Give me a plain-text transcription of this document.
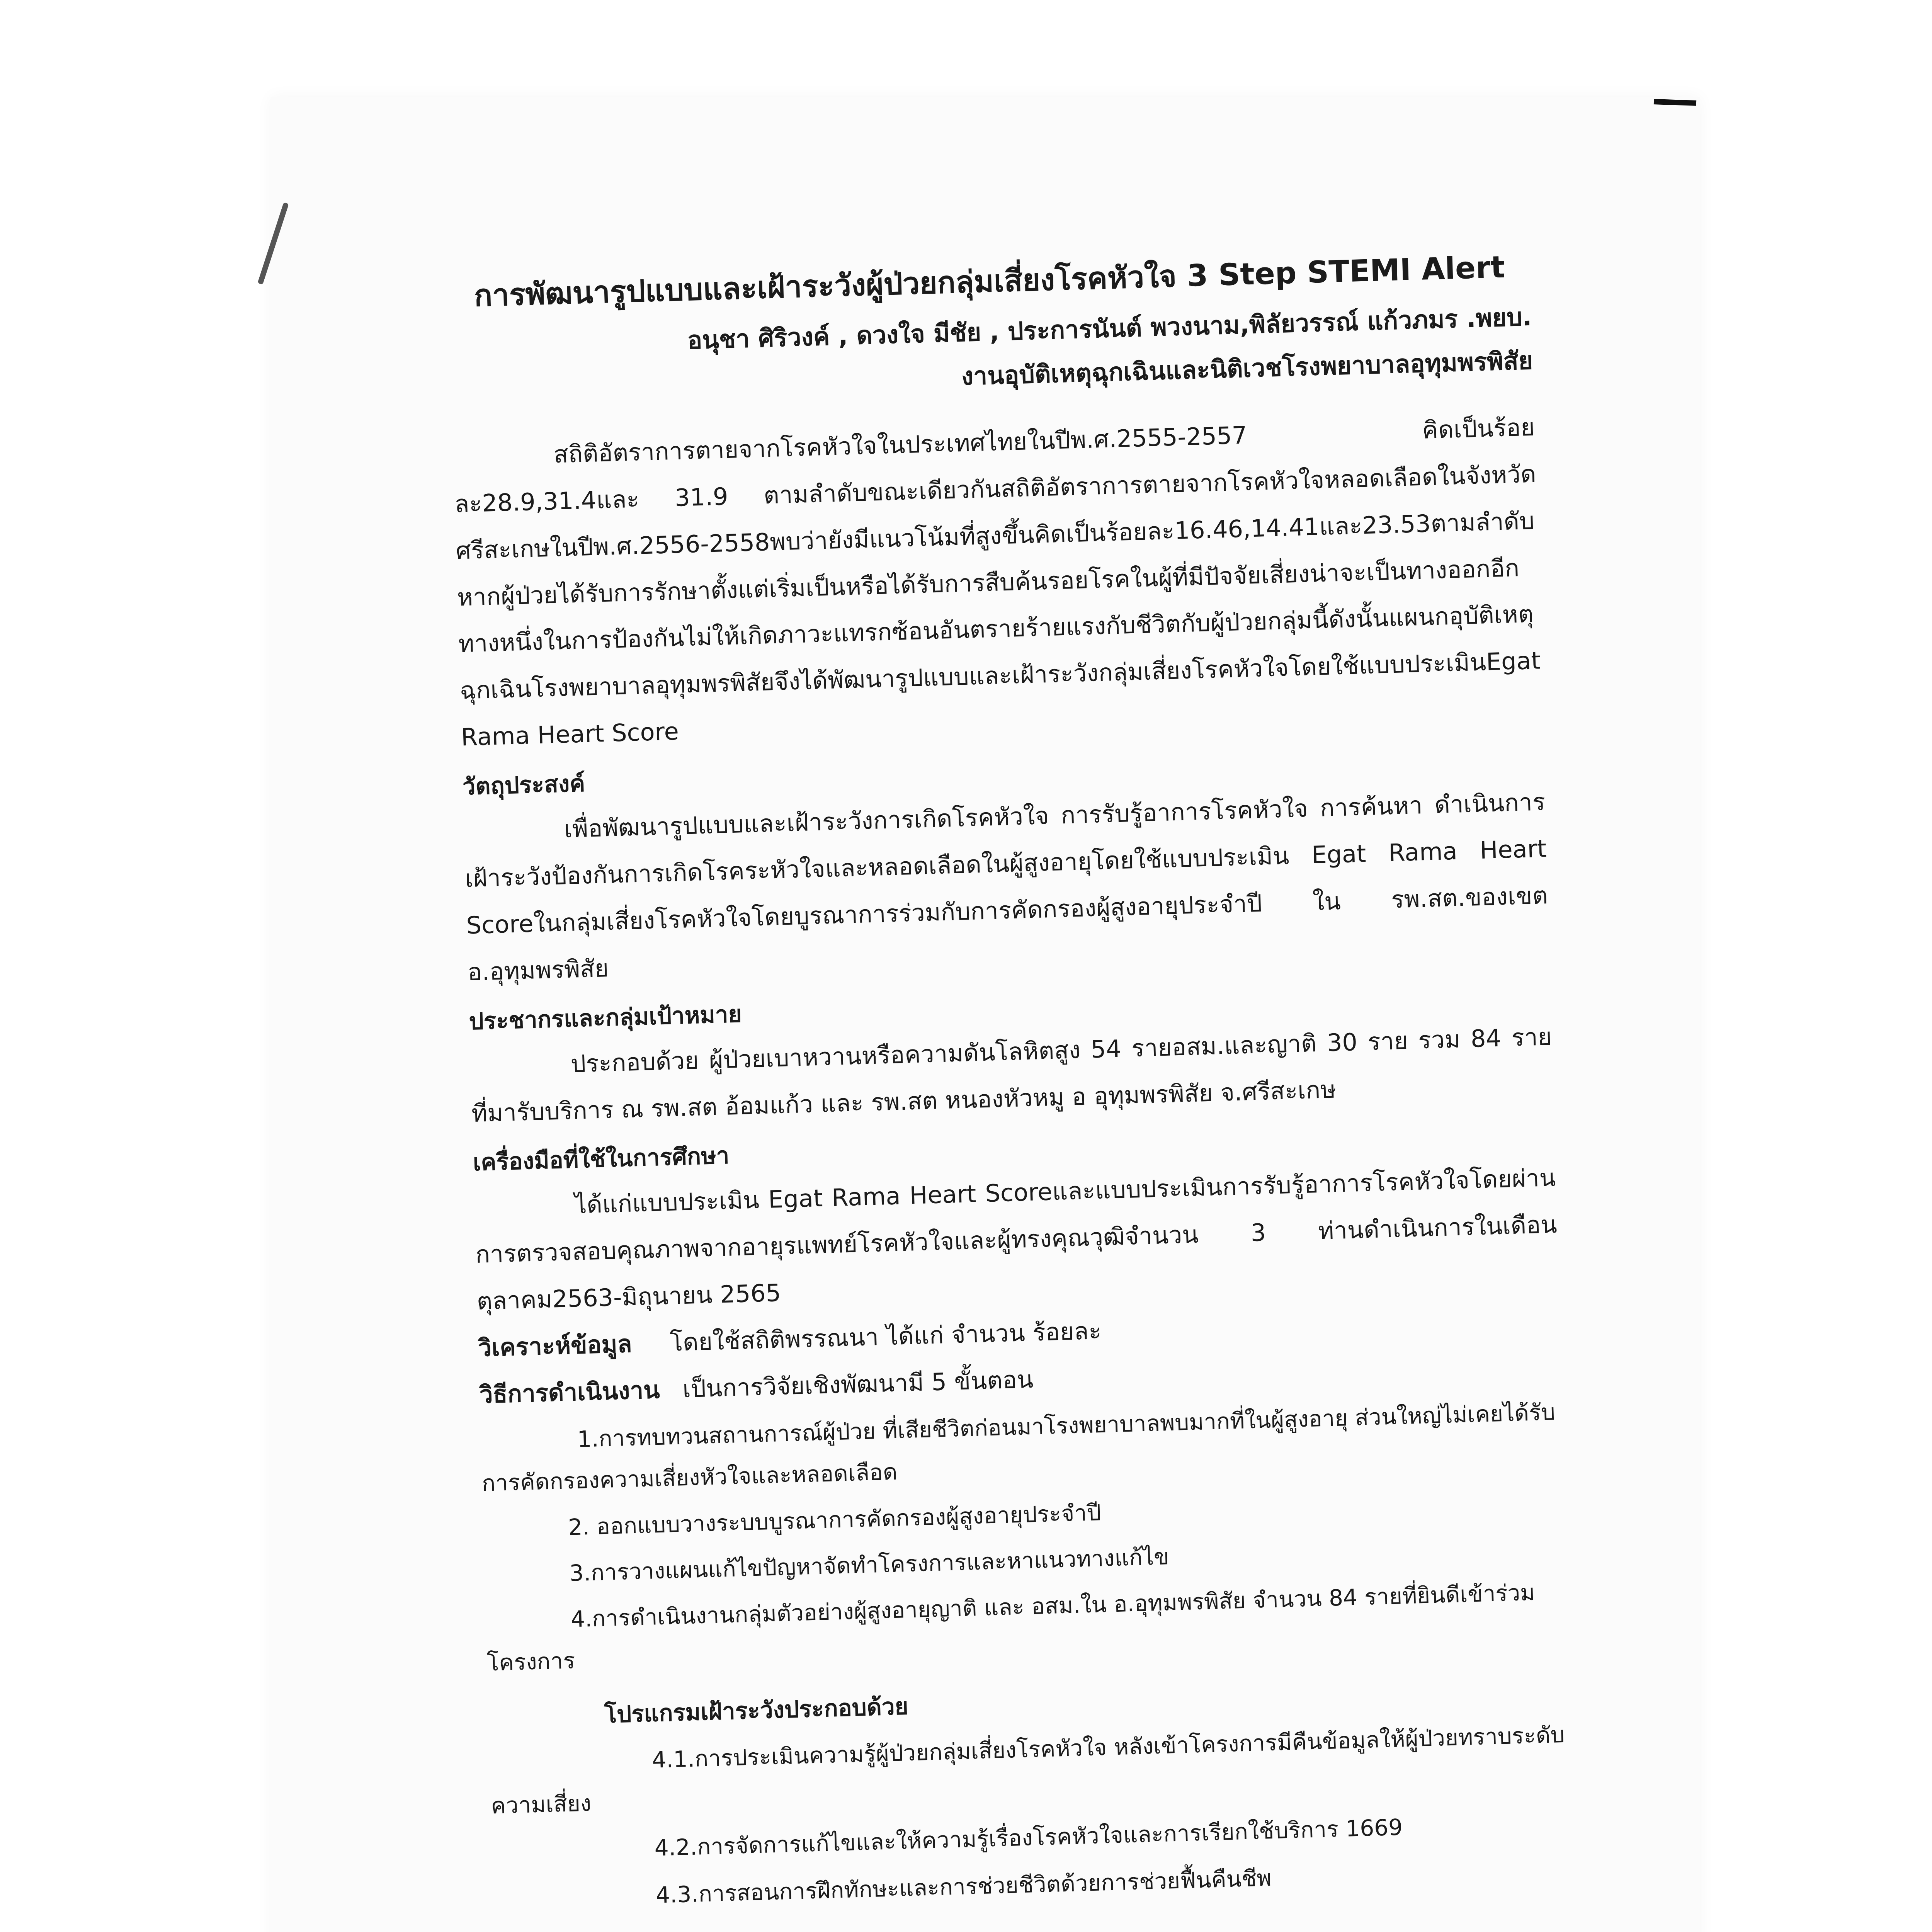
การพัฒนารูปแบบและเฝ้าระวังผู้ป่วยกลุ่มเสี่ยงโรคหัวใจ 3 Step STEMI Alert

อนุชา ศิริวงค์ , ดวงใจ มีชัย , ประการนันต์ พวงนาม,พิลัยวรรณ์ แก้วภมร .พยบ.

งานอุบัติเหตุฉุกเฉินและนิติเวชโรงพยาบาลอุทุมพรพิสัย

สถิติอัตราการตายจากโรคหัวใจในประเทศไทยในปีพ.ศ.2555-2557 คิดเป็นร้อยละ28.9,31.4และ 31.9 ตามลำดับขณะเดียวกันสถิติอัตราการตายจากโรคหัวใจหลอดเลือดในจังหวัดศรีสะเกษในปีพ.ศ.2556-2558พบว่ายังมีแนวโน้มที่สูงขึ้นคิดเป็นร้อยละ16.46,14.41และ23.53ตามลำดับ หากผู้ป่วยได้รับการรักษาตั้งแต่เริ่มเป็นหรือได้รับการสืบค้นรอยโรคในผู้ที่มีปัจจัยเสี่ยงน่าจะเป็นทางออกอีกทางหนึ่งในการป้องกันไม่ให้เกิดภาวะแทรกซ้อนอันตรายร้ายแรงกับชีวิตกับผู้ป่วยกลุ่มนี้ดังนั้นแผนกอุบัติเหตุฉุกเฉินโรงพยาบาลอุทุมพรพิสัยจึงได้พัฒนารูปแบบและเฝ้าระวังกลุ่มเสี่ยงโรคหัวใจโดยใช้แบบประเมินEgat Rama Heart Score

วัตถุประสงค์

เพื่อพัฒนารูปแบบและเฝ้าระวังการเกิดโรคหัวใจ การรับรู้อาการโรคหัวใจ การค้นหา ดำเนินการเฝ้าระวังป้องกันการเกิดโรคระหัวใจและหลอดเลือดในผู้สูงอายุโดยใช้แบบประเมิน Egat Rama Heart Scoreในกลุ่มเสี่ยงโรคหัวใจโดยบูรณาการร่วมกับการคัดกรองผู้สูงอายุประจำปี ใน รพ.สต.ของเขต อ.อุทุมพรพิสัย

ประชากรและกลุ่มเป้าหมาย

ประกอบด้วย ผู้ป่วยเบาหวานหรือความดันโลหิตสูง 54 รายอสม.และญาติ 30 ราย รวม 84 รายที่มารับบริการ ณ รพ.สต อ้อมแก้ว และ รพ.สต หนองหัวหมู อ อุทุมพรพิสัย จ.ศรีสะเกษ

เครื่องมือที่ใช้ในการศึกษา

ได้แก่แบบประเมิน Egat Rama Heart Scoreและแบบประเมินการรับรู้อาการโรคหัวใจโดยผ่านการตรวจสอบคุณภาพจากอายุรแพทย์โรคหัวใจและผู้ทรงคุณวุฒิจำนวน 3 ท่านดำเนินการในเดือนตุลาคม2563-มิถุนายน 2565

วิเคราะห์ข้อมูล โดยใช้สถิติพรรณนา ได้แก่ จำนวน ร้อยละ

วิธีการดำเนินงาน เป็นการวิจัยเชิงพัฒนามี 5 ขั้นตอน

1.การทบทวนสถานการณ์ผู้ป่วย ที่เสียชีวิตก่อนมาโรงพยาบาลพบมากที่ในผู้สูงอายุ ส่วนใหญ่ไม่เคยได้รับการคัดกรองความเสี่ยงหัวใจและหลอดเลือด

2. ออกแบบวางระบบบูรณาการคัดกรองผู้สูงอายุประจำปี

3.การวางแผนแก้ไขปัญหาจัดทำโครงการและหาแนวทางแก้ไข

4.การดำเนินงานกลุ่มตัวอย่างผู้สูงอายุญาติ และ อสม.ใน อ.อุทุมพรพิสัย จำนวน 84 รายที่ยินดีเข้าร่วมโครงการ

โปรแกรมเฝ้าระวังประกอบด้วย

4.1.การประเมินความรู้ผู้ป่วยกลุ่มเสี่ยงโรคหัวใจ หลังเข้าโครงการมีคืนข้อมูลให้ผู้ป่วยทราบระดับความเสี่ยง

4.2.การจัดการแก้ไขและให้ความรู้เรื่องโรคหัวใจและการเรียกใช้บริการ 1669

4.3.การสอนการฝึกทักษะและการช่วยชีวิตด้วยการช่วยฟื้นคืนชีพ
